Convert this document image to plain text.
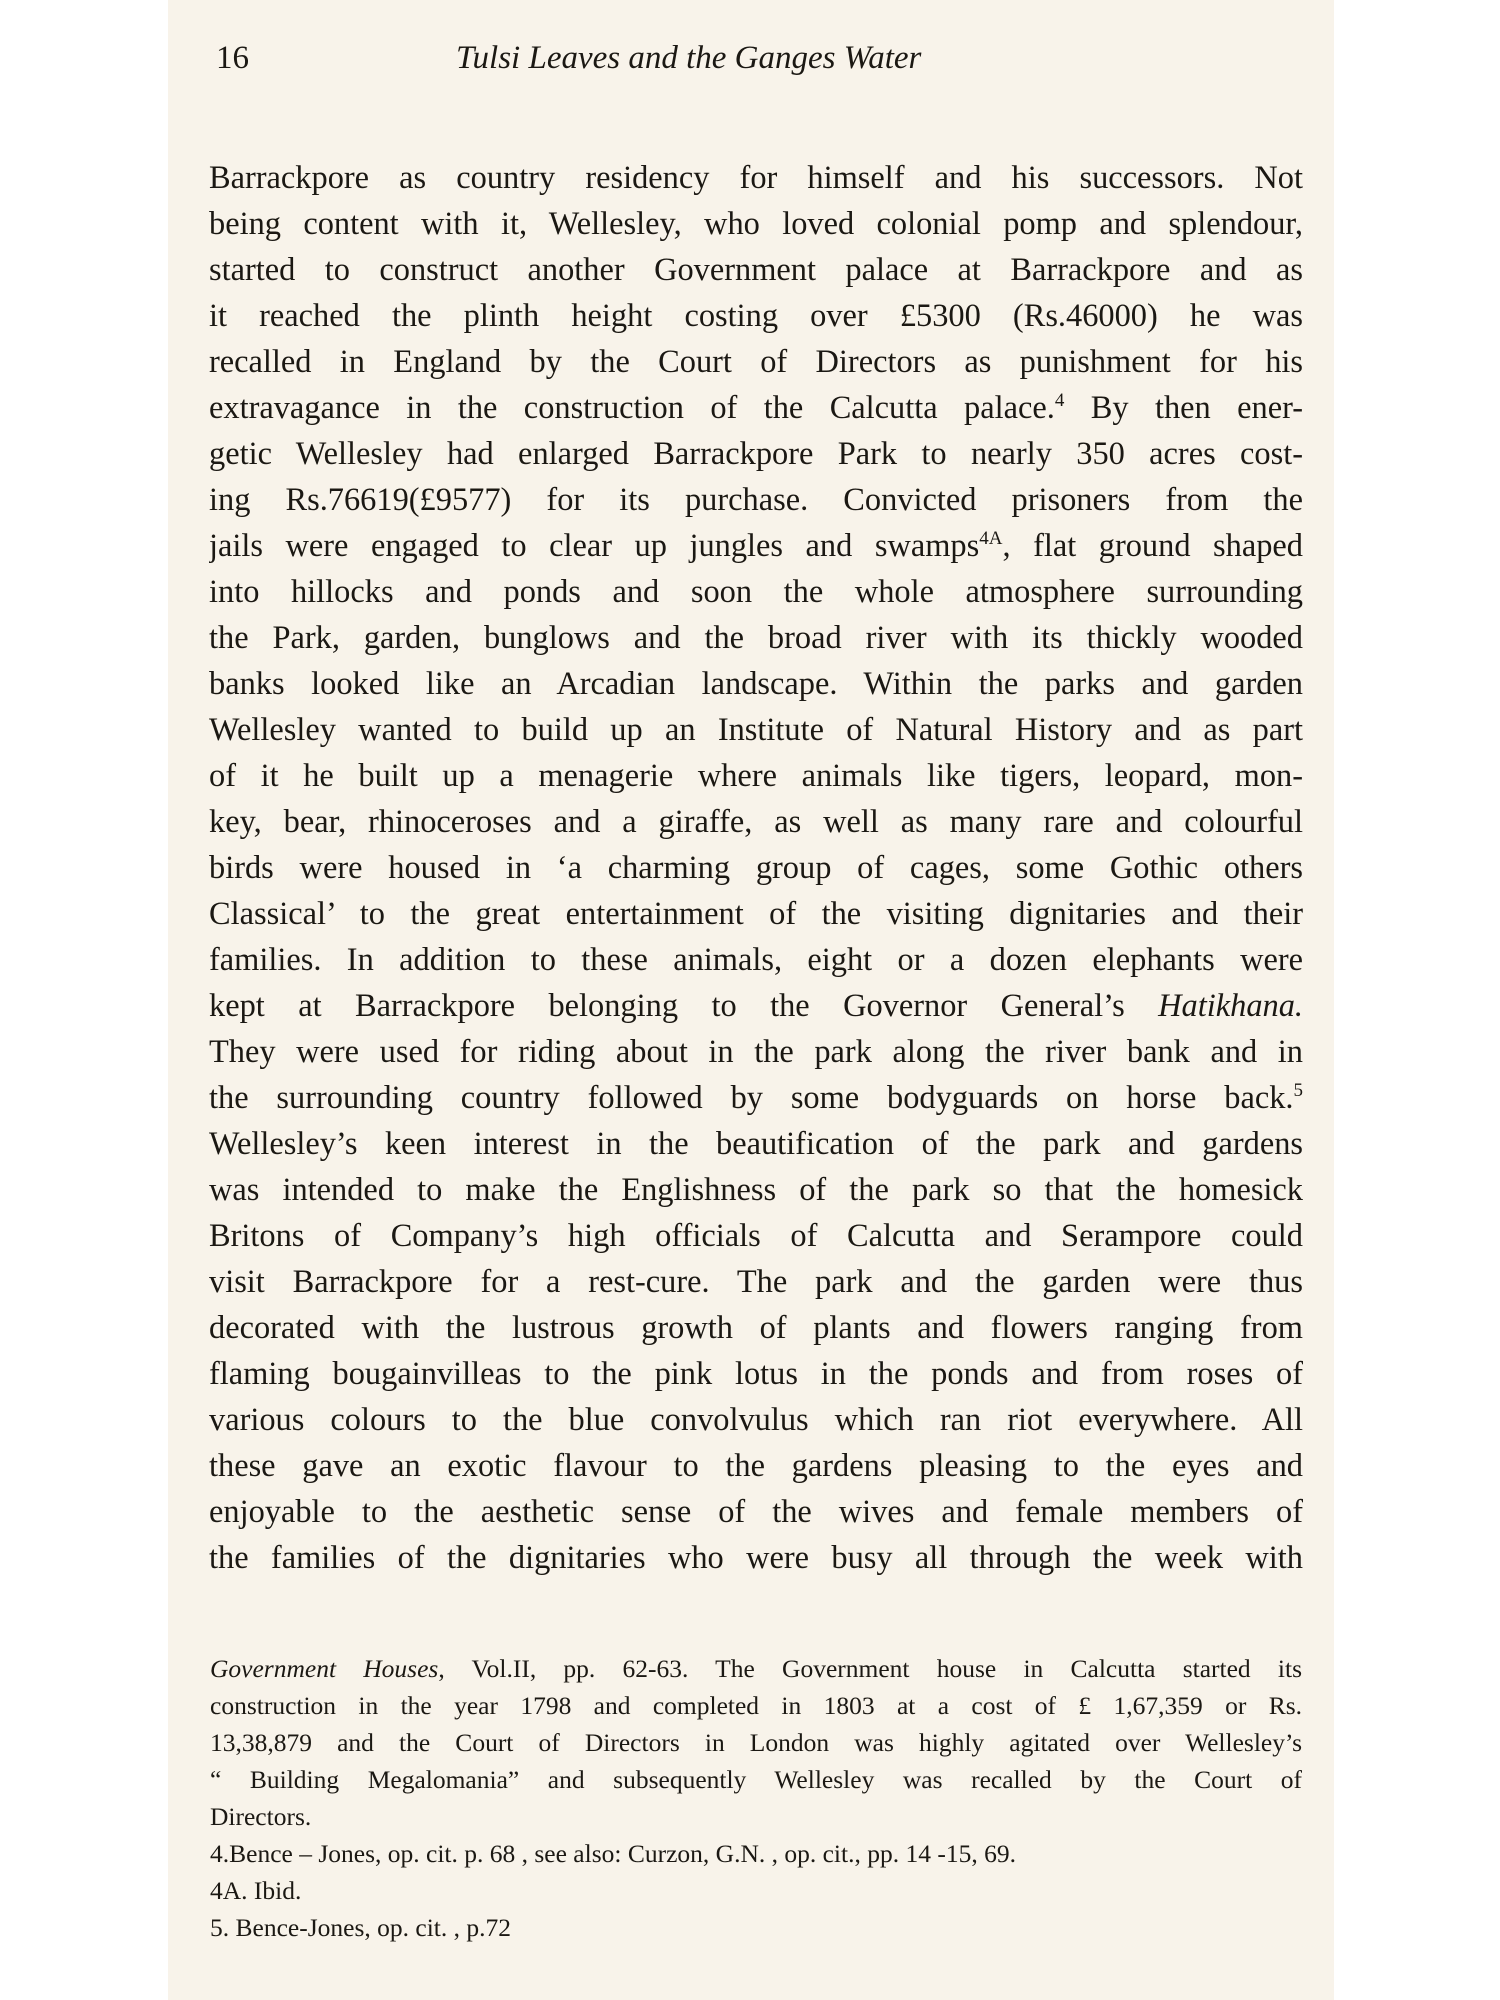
16	Tulsi Leaves and the Ganges Water
Barrackpore as country residency for himself and his successors. Not
being content with it, Wellesley, who loved colonial pomp and splendour,
started to construct another Government palace at Barrackpore and as
it reached the plinth height costing over £5300 (Rs.46000) he was
recalled in England by the Court of Directors as punishment for his
extravagance in the construction of the Calcutta palace.$^4$ By then ener-
getic Wellesley had enlarged Barrackpore Park to nearly 350 acres cost-
ing Rs.76619(£9577) for its purchase. Convicted prisoners from the
jails were engaged to clear up jungles and swamps$^{4A}$, flat ground shaped
into hillocks and ponds and soon the whole atmosphere surrounding
the Park, garden, bunglows and the broad river with its thickly wooded
banks looked like an Arcadian landscape. Within the parks and garden
Wellesley wanted to build up an Institute of Natural History and as part
of it he built up a menagerie where animals like tigers, leopard, mon-
key, bear, rhinoceroses and a giraffe, as well as many rare and colourful
birds were housed in ‘a charming group of cages, some Gothic others
Classical’ to the great entertainment of the visiting dignitaries and their
families. In addition to these animals, eight or a dozen elephants were
kept at Barrackpore belonging to the Governor General’s Hatikhana.
They were used for riding about in the park along the river bank and in
the surrounding country followed by some bodyguards on horse back.$^5$
Wellesley’s keen interest in the beautification of the park and gardens
was intended to make the Englishness of the park so that the homesick
Britons of Company’s high officials of Calcutta and Serampore could
visit Barrackpore for a rest-cure. The park and the garden were thus
decorated with the lustrous growth of plants and flowers ranging from
flaming bougainvilleas to the pink lotus in the ponds and from roses of
various colours to the blue convolvulus which ran riot everywhere. All
these gave an exotic flavour to the gardens pleasing to the eyes and
enjoyable to the aesthetic sense of the wives and female members of
the families of the dignitaries who were busy all through the week with
Government Houses, Vol.II, pp. 62-63. The Government house in Calcutta started its
construction in the year 1798 and completed in 1803 at a cost of £ 1,67,359 or Rs.
13,38,879 and the Court of Directors in London was highly agitated over Wellesley’s
“ Building Megalomania” and subsequently Wellesley was recalled by the Court of
Directors.
4.Bence – Jones, op. cit. p. 68 , see also: Curzon, G.N. , op. cit., pp. 14 -15, 69.
4A. Ibid.
5. Bence-Jones, op. cit. , p.72
